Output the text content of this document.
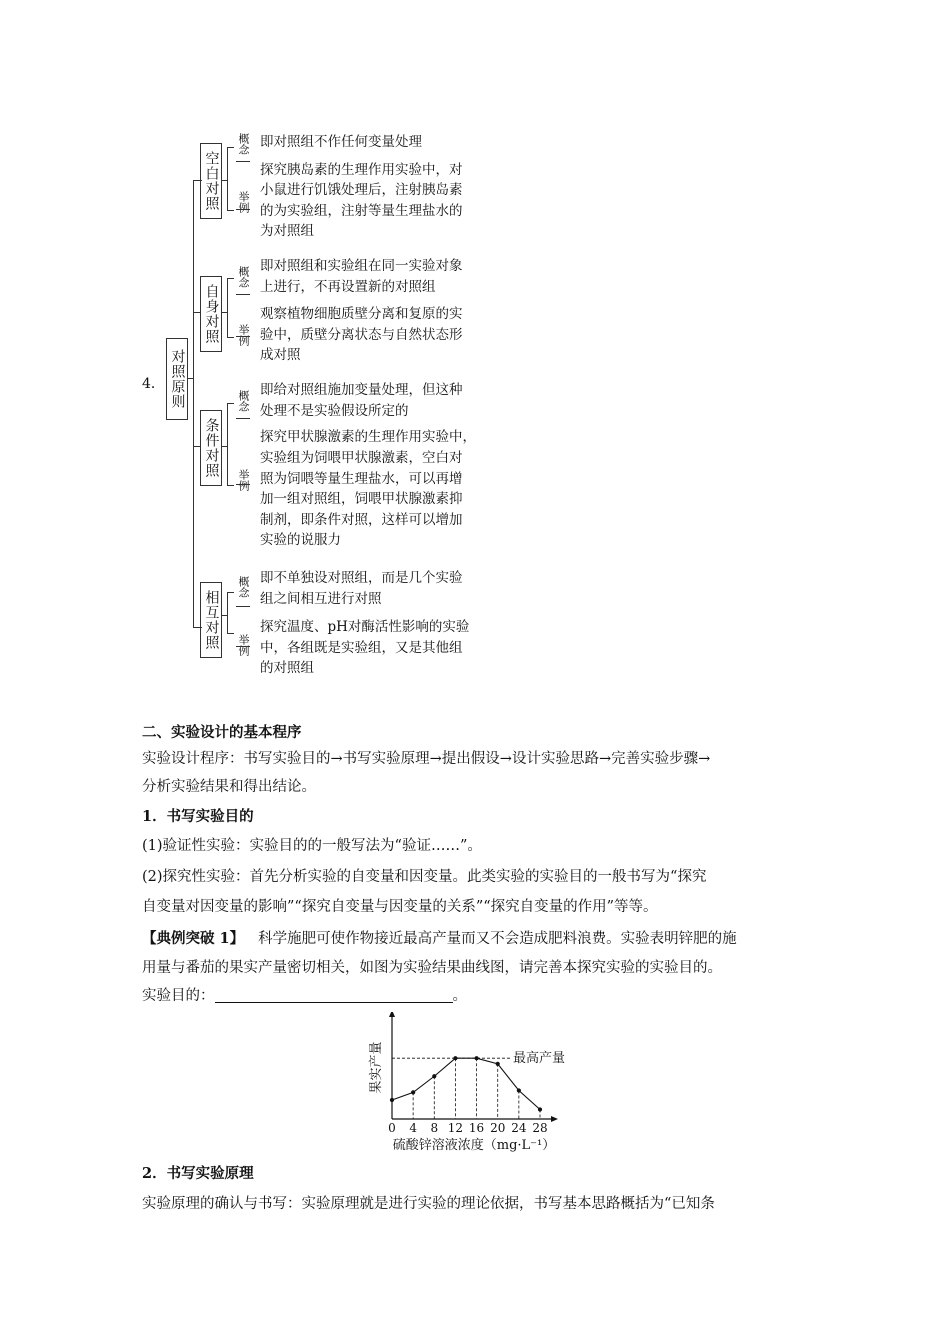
4． 对照原则
空白对照
概念
举例
即对照组不作任何变量处理
探究胰岛素的生理作用实验中，对
小鼠进行饥饿处理后，注射胰岛素
的为实验组，注射等量生理盐水的
为对照组
自身对照
概念
举例
即对照组和实验组在同一实验对象
上进行，不再设置新的对照组
观察植物细胞质壁分离和复原的实
验中，质壁分离状态与自然状态形
成对照
条件对照
概念
举例
即给对照组施加变量处理，但这种
处理不是实验假设所定的
探究甲状腺激素的生理作用实验中，
实验组为饲喂甲状腺激素，空白对
照为饲喂等量生理盐水，可以再增
加一组对照组，饲喂甲状腺激素抑
制剂，即条件对照，这样可以增加
实验的说服力
相互对照
概念
举例
即不单独设对照组，而是几个实验
组之间相互进行对照
探究温度、pH对酶活性影响的实验
中，各组既是实验组，又是其他组
的对照组
二、实验设计的基本程序
实验设计程序：书写实验目的→书写实验原理→提出假设→设计实验思路→完善实验步骤→
分析实验结果和得出结论。
1．书写实验目的
(1)验证性实验：实验目的的一般写法为“验证……”。
(2)探究性实验：首先分析实验的自变量和因变量。此类实验的实验目的一般书写为“探究
自变量对因变量的影响”“探究自变量与因变量的关系”“探究自变量的作用”等等。
【典例突破 1】 科学施肥可使作物接近最高产量而又不会造成肥料浪费。实验表明锌肥的施
用量与番茄的果实产量密切相关，如图为实验结果曲线图，请完善本探究实验的实验目的。
实验目的：	。
最高产量
0 4 8 12 16 20 24 28
硫酸锌溶液浓度（mg·L⁻¹）
果实产量
2．书写实验原理
实验原理的确认与书写：实验原理就是进行实验的理论依据，书写基本思路概括为“已知条
